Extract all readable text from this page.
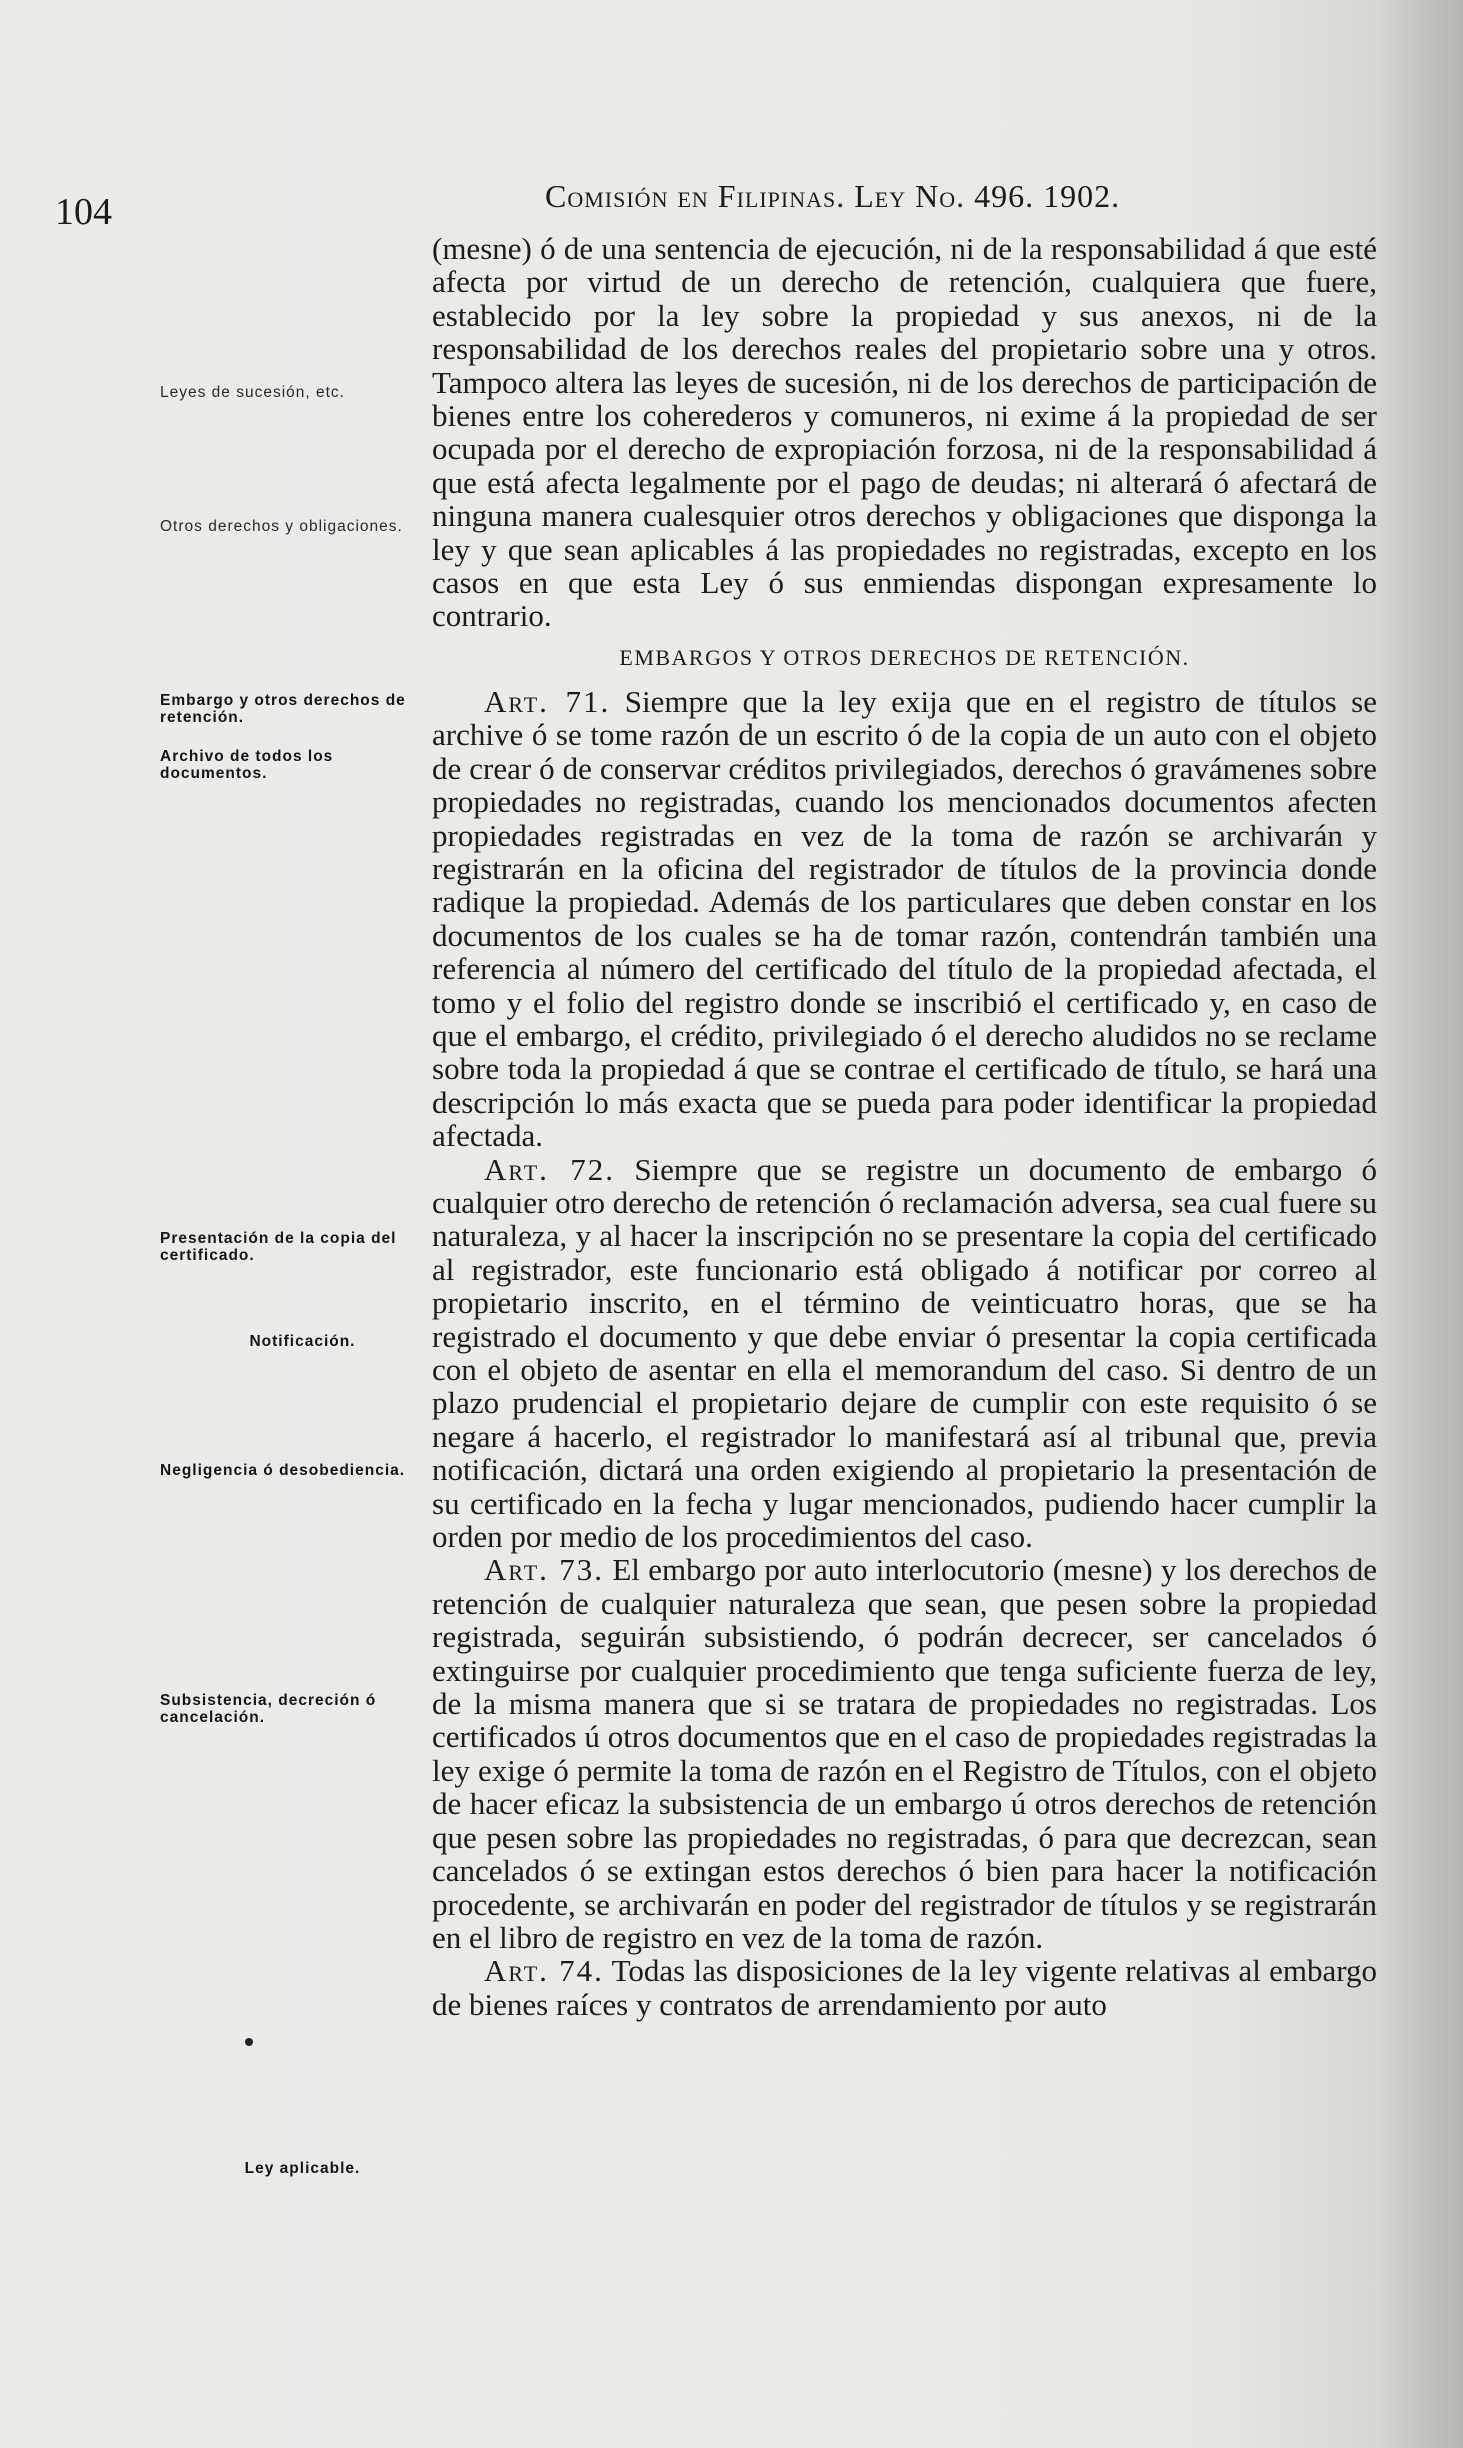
104	Comisión en Filipinas. Ley No. 496. 1902.
Leyes de sucesión, etc.
Otros derechos y obligaciones.
Embargo y otros derechos de retención.
Archivo de todos los documentos.
Presentación de la copia del certificado.
Notificación.
Negligencia ó desobediencia.
Subsistencia, decreción ó cancelación.
Ley aplicable.

(mesne) ó de una sentencia de ejecución, ni de la responsabilidad á que esté afecta por virtud de un derecho de retención, cualquiera que fuere, establecido por la ley sobre la propiedad y sus anexos, ni de la responsabilidad de los derechos reales del propietario sobre una y otros. Tampoco altera las leyes de sucesión, ni de los derechos de participación de bienes entre los coherederos y comuneros, ni exime á la propiedad de ser ocupada por el derecho de expropiación forzosa, ni de la responsabilidad á que está afecta legalmente por el pago de deudas; ni alterará ó afectará de ninguna manera cualesquier otros derechos y obligaciones que disponga la ley y que sean aplicables á las propiedades no registradas, excepto en los casos en que esta Ley ó sus enmiendas dispongan expresamente lo contrario.

EMBARGOS Y OTROS DERECHOS DE RETENCIÓN.

Art. 71. Siempre que la ley exija que en el registro de títulos se archive ó se tome razón de un escrito ó de la copia de un auto con el objeto de crear ó de conservar créditos privilegiados, derechos ó gravámenes sobre propiedades no registradas, cuando los mencionados documentos afecten propiedades registradas en vez de la toma de razón se archivarán y registrarán en la oficina del registrador de títulos de la provincia donde radique la propiedad. Además de los particulares que deben constar en los documentos de los cuales se ha de tomar razón, contendrán también una referencia al número del certificado del título de la propiedad afectada, el tomo y el folio del registro donde se inscribió el certificado y, en caso de que el embargo, el crédito, privilegiado ó el derecho aludidos no se reclame sobre toda la propiedad á que se contrae el certificado de título, se hará una descripción lo más exacta que se pueda para poder identificar la propiedad afectada.

Art. 72. Siempre que se registre un documento de embargo ó cualquier otro derecho de retención ó reclamación adversa, sea cual fuere su naturaleza, y al hacer la inscripción no se presentare la copia del certificado al registrador, este funcionario está obligado á notificar por correo al propietario inscrito, en el término de veinticuatro horas, que se ha registrado el documento y que debe enviar ó presentar la copia certificada con el objeto de asentar en ella el memorandum del caso. Si dentro de un plazo prudencial el propietario dejare de cumplir con este requisito ó se negare á hacerlo, el registrador lo manifestará así al tribunal que, previa notificación, dictará una orden exigiendo al propietario la presentación de su certificado en la fecha y lugar mencionados, pudiendo hacer cumplir la orden por medio de los procedimientos del caso.

Art. 73. El embargo por auto interlocutorio (mesne) y los derechos de retención de cualquier naturaleza que sean, que pesen sobre la propiedad registrada, seguirán subsistiendo, ó podrán decrecer, ser cancelados ó extinguirse por cualquier procedimiento que tenga suficiente fuerza de ley, de la misma manera que si se tratara de propiedades no registradas. Los certificados ú otros documentos que en el caso de propiedades registradas la ley exige ó permite la toma de razón en el Registro de Títulos, con el objeto de hacer eficaz la subsistencia de un embargo ú otros derechos de retención que pesen sobre las propiedades no registradas, ó para que decrezcan, sean cancelados ó se extingan estos derechos ó bien para hacer la notificación procedente, se archivarán en poder del registrador de títulos y se registrarán en el libro de registro en vez de la toma de razón.

Art. 74. Todas las disposiciones de la ley vigente relativas al embargo de bienes raíces y contratos de arrendamiento por auto
